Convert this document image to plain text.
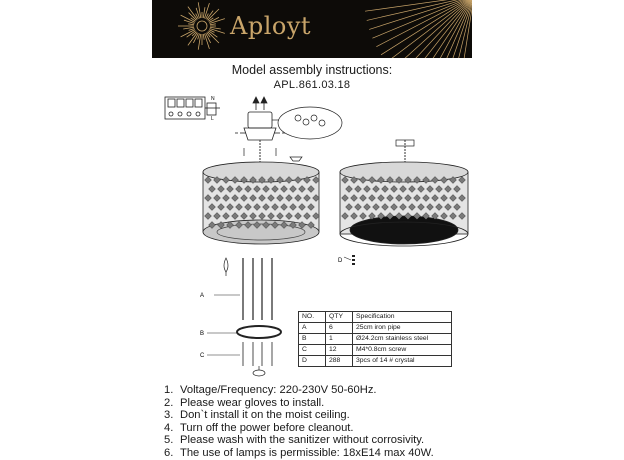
Aployt
Model assembly instructions:
APL.861.03.18
N
L
D
A
B
C
NO.	QTY	Specification
A	6	25cm iron pipe
B	1	Ø24.2cm stainless steel
C	12	M4*0.8cm screw
D	288	3pcs of 14 # crystal
1. Voltage/Frequency: 220-230V 50-60Hz.
2. Please wear gloves to install.
3. Don`t install it on the moist ceiling.
4. Turn off the power before cleanout.
5. Please wash with the sanitizer without corrosivity.
6. The use of lamps is permissible: 18xE14 max 40W.
